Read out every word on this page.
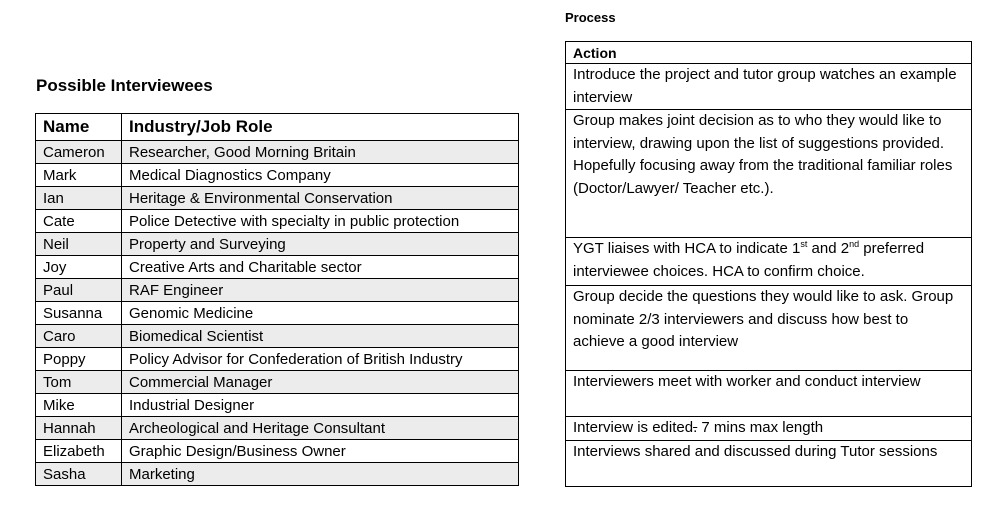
Possible Interviewees
Name	Industry/Job Role
Cameron	Researcher, Good Morning Britain
Mark	Medical Diagnostics Company
Ian	Heritage & Environmental Conservation
Cate	Police Detective with specialty in public protection
Neil	Property and Surveying
Joy	Creative Arts and Charitable sector
Paul	RAF Engineer
Susanna	Genomic Medicine
Caro	Biomedical Scientist
Poppy	Policy Advisor for Confederation of British Industry
Tom	Commercial Manager
Mike	Industrial Designer
Hannah	Archeological and Heritage Consultant
Elizabeth	Graphic Design/Business Owner
Sasha	Marketing
Process
Action
Introduce the project and tutor group watches an example interview
Group makes joint decision as to who they would like to interview, drawing upon the list of suggestions provided. Hopefully focusing away from the traditional familiar roles (Doctor/Lawyer/ Teacher etc.).
YGT liaises with HCA to indicate 1st and 2nd preferred interviewee choices. HCA to confirm choice.
Group decide the questions they would like to ask. Group nominate 2/3 interviewers and discuss how best to achieve a good interview
Interviewers meet with worker and conduct interview
Interview is edited. 7 mins max length
Interviews shared and discussed during Tutor sessions
